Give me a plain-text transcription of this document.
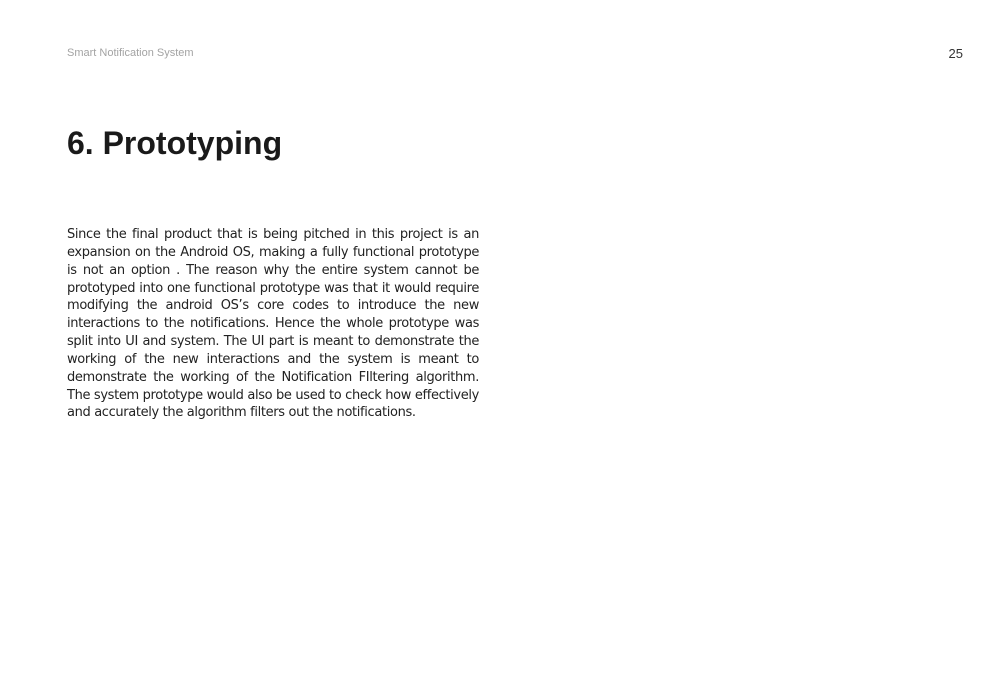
Smart Notification System	25
6. Prototyping

Since the final product that is being pitched in this project is an expansion on the Android OS, making a fully functional prototype is not an option . The reason why the entire system cannot be prototyped into one functional prototype was that it would require modifying the android OS’s core codes to introduce the new interactions to the notifications. Hence the whole prototype was split into UI and system. The UI part is meant to demonstrate the working of the new interactions and the system is meant to demonstrate the working of the Notification FIltering algorithm. The system prototype would also be used to check how effectively and accurately the algorithm filters out the notifications.
